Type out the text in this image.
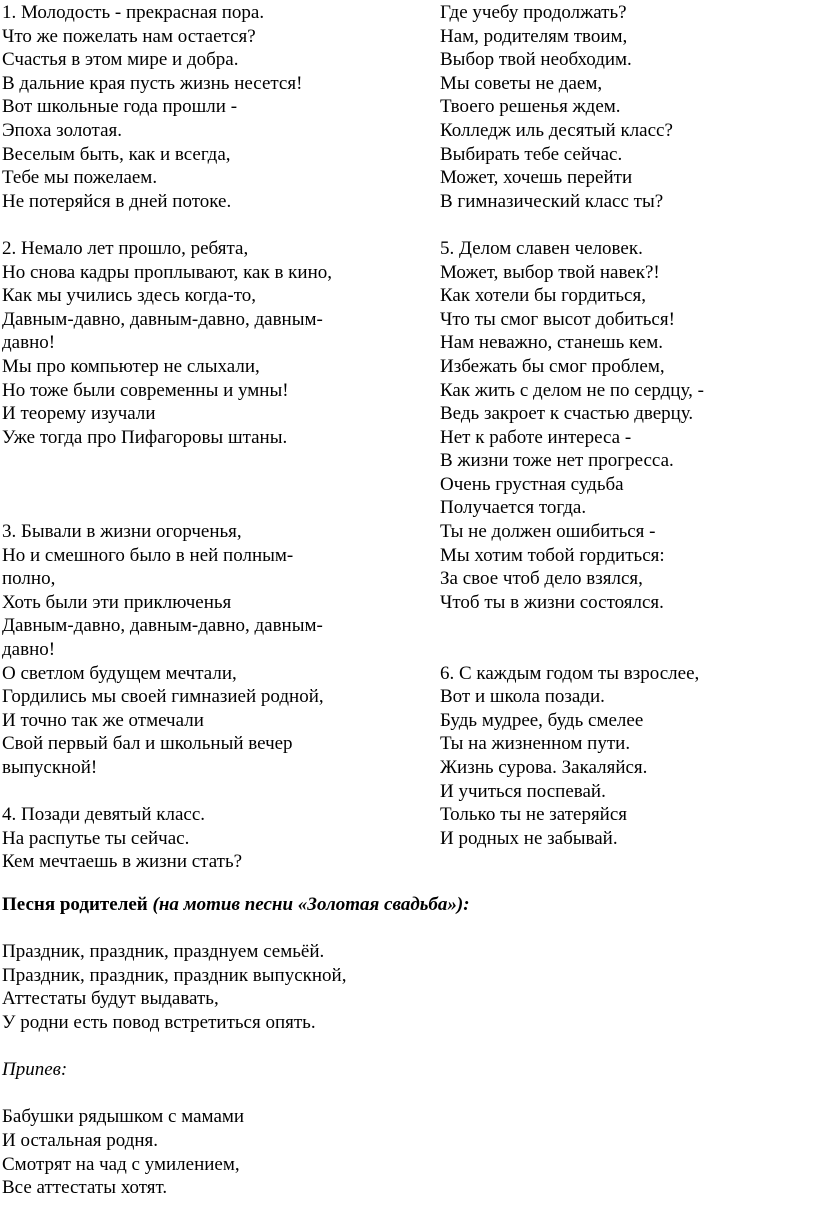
1. Молодость - прекрасная пора.
Что же пожелать нам остается?
Счастья в этом мире и добра.
В дальние края пусть жизнь несется!
Вот школьные года прошли -
Эпоха золотая.
Веселым быть, как и всегда,
Тебе мы пожелаем.
Не потеряйся в дней потоке.
2. Немало лет прошло, ребята,
Но снова кадры проплывают, как в кино,
Как мы учились здесь когда-то,
Давным-давно, давным-давно, давным-
давно!
Мы про компьютер не слыхали,
Но тоже были современны и умны!
И теорему изучали
Уже тогда про Пифагоровы штаны.
3. Бывали в жизни огорченья,
Но и смешного было в ней полным-
полно,
Хоть были эти приключенья
Давным-давно, давным-давно, давным-
давно!
О светлом будущем мечтали,
Гордились мы своей гимназией родной,
И точно так же отмечали
Свой первый бал и школьный вечер
выпускной!
4. Позади девятый класс.
На распутье ты сейчас.
Кем мечтаешь в жизни стать?
Где учебу продолжать?
Нам, родителям твоим,
Выбор твой необходим.
Мы советы не даем,
Твоего решенья ждем.
Колледж иль десятый класс?
Выбирать тебе сейчас.
Может, хочешь перейти
В гимназический класс ты?
5. Делом славен человек.
Может, выбор твой навек?!
Как хотели бы гордиться,
Что ты смог высот добиться!
Нам неважно, станешь кем.
Избежать бы смог проблем,
Как жить с делом не по сердцу, -
Ведь закроет к счастью дверцу.
Нет к работе интереса -
В жизни тоже нет прогресса.
Очень грустная судьба
Получается тогда.
Ты не должен ошибиться -
Мы хотим тобой гордиться:
За свое чтоб дело взялся,
Чтоб ты в жизни состоялся.
6. С каждым годом ты взрослее,
Вот и школа позади.
Будь мудрее, будь смелее
Ты на жизненном пути.
Жизнь сурова. Закаляйся.
И учиться поспевай.
Только ты не затеряйся
И родных не забывай.
Песня родителей (на мотив песни «Золотая свадьба»):
Праздник, праздник, празднуем семьёй.
Праздник, праздник, праздник выпускной,
Аттестаты будут выдавать,
У родни есть повод встретиться опять.
Припев:
Бабушки рядышком с мамами
И остальная родня.
Смотрят на чад с умилением,
Все аттестаты хотят.
